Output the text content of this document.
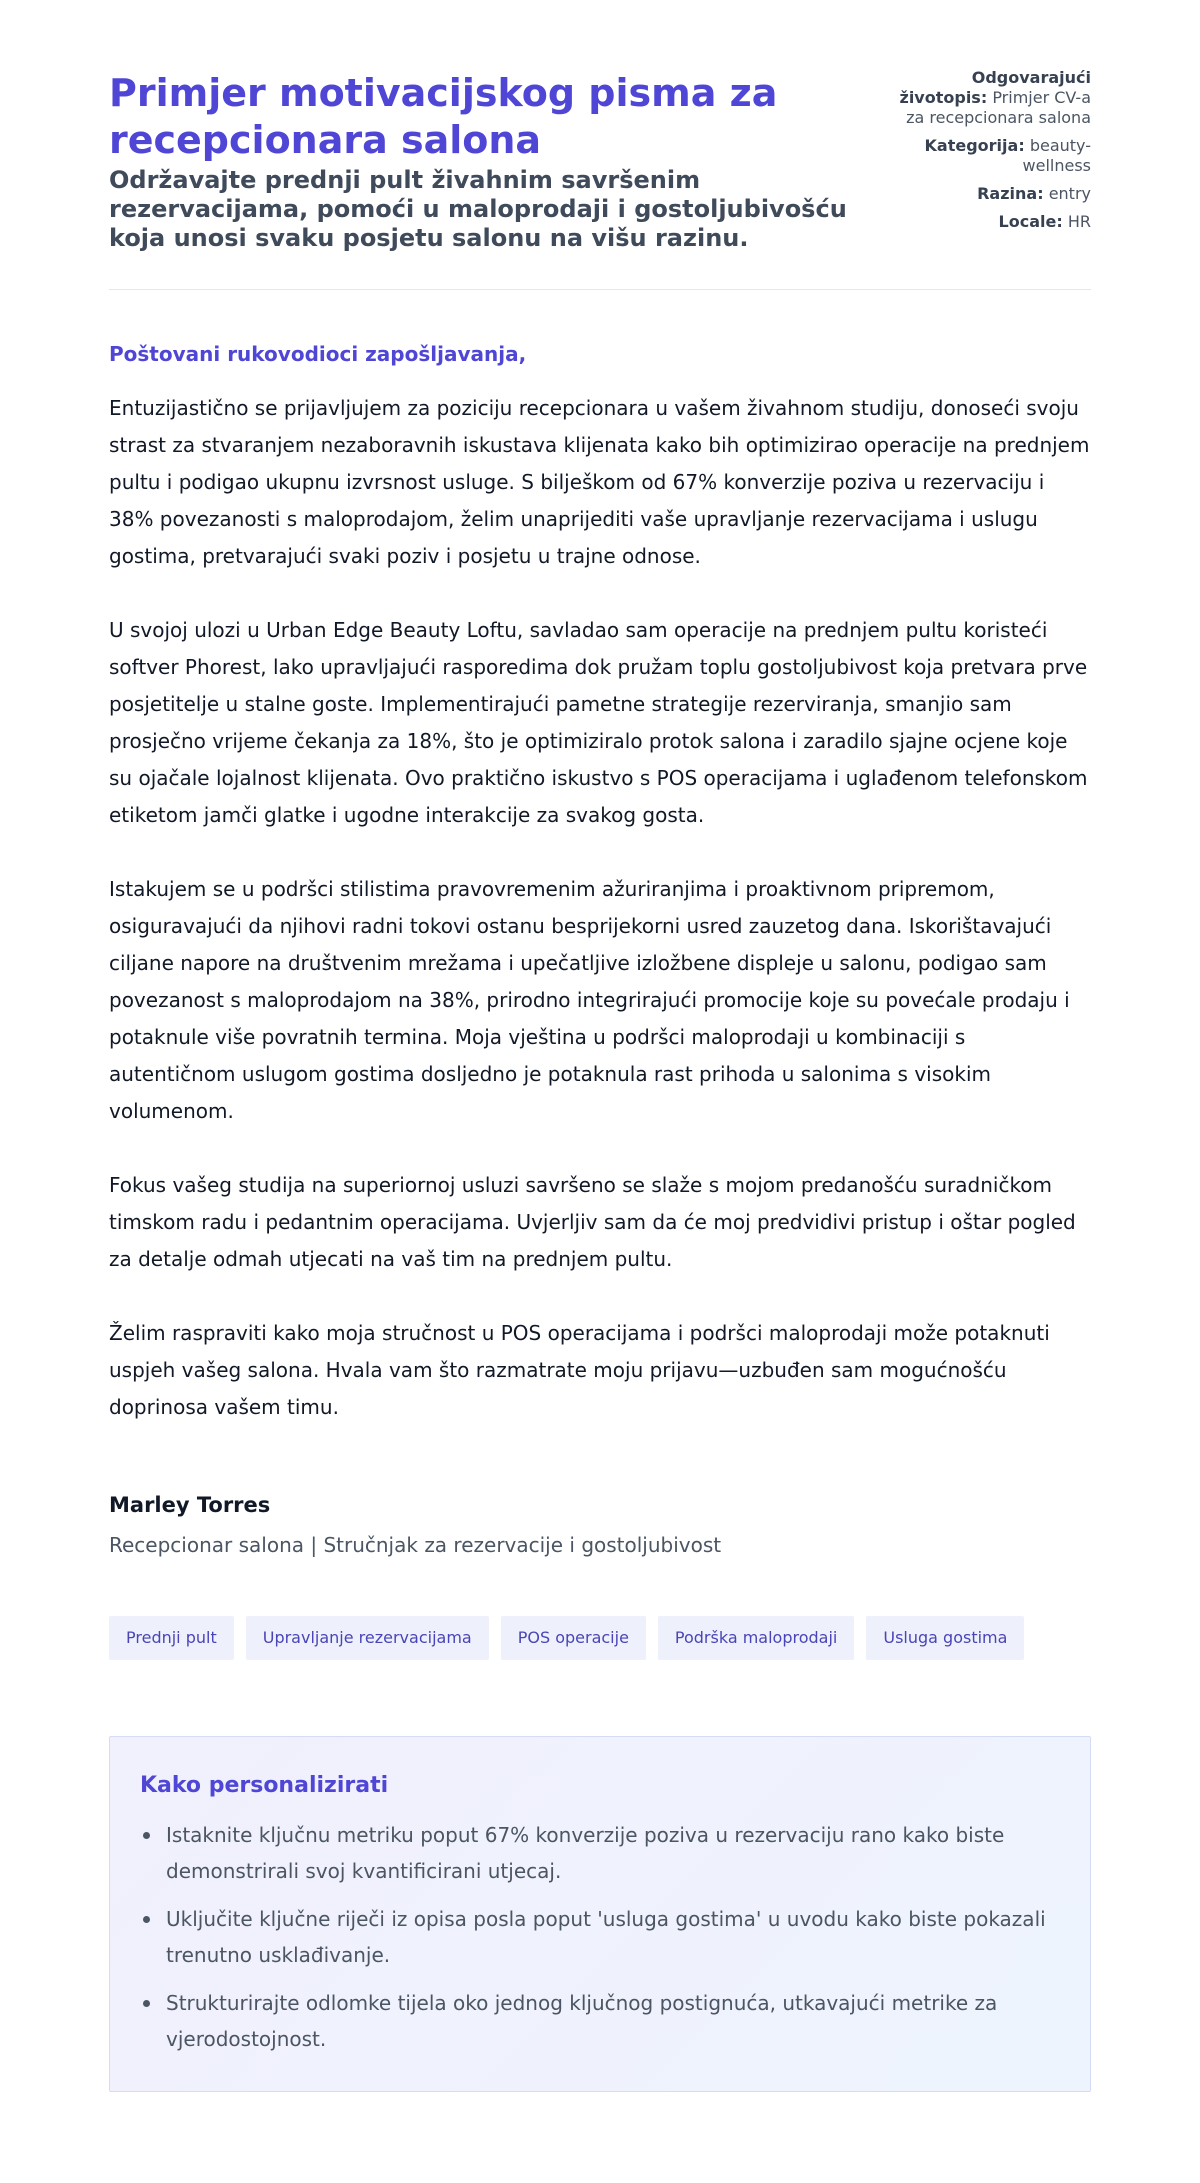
Primjer motivacijskog pisma za recepcionara salona
Održavajte prednji pult živahnim savršenim rezervacijama, pomoći u maloprodaji i gostoljubivošću koja unosi svaku posjetu salonu na višu razinu.
Odgovarajući životopis: Primjer CV-a za recepcionara salona
Kategorija: beauty-wellness
Razina: entry
Locale: HR

Poštovani rukovodioci zapošljavanja,

Entuzijastično se prijavljujem za poziciju recepcionara u vašem živahnom studiju, donoseći svoju strast za stvaranjem nezaboravnih iskustava klijenata kako bih optimizirao operacije na prednjem pultu i podigao ukupnu izvrsnost usluge. S bilješkom od 67% konverzije poziva u rezervaciju i 38% povezanosti s maloprodajom, želim unaprijediti vaše upravljanje rezervacijama i uslugu gostima, pretvarajući svaki poziv i posjetu u trajne odnose.

U svojoj ulozi u Urban Edge Beauty Loftu, savladao sam operacije na prednjem pultu koristeći softver Phorest, lako upravljajući rasporedima dok pružam toplu gostoljubivost koja pretvara prve posjetitelje u stalne goste. Implementirajući pametne strategije rezerviranja, smanjio sam prosječno vrijeme čekanja za 18%, što je optimiziralo protok salona i zaradilo sjajne ocjene koje su ojačale lojalnost klijenata. Ovo praktično iskustvo s POS operacijama i uglađenom telefonskom etiketom jamči glatke i ugodne interakcije za svakog gosta.

Istakujem se u podršci stilistima pravovremenim ažuriranjima i proaktivnom pripremom, osiguravajući da njihovi radni tokovi ostanu besprijekorni usred zauzetog dana. Iskorištavajući ciljane napore na društvenim mrežama i upečatljive izložbene displeje u salonu, podigao sam povezanost s maloprodajom na 38%, prirodno integrirajući promocije koje su povećale prodaju i potaknule više povratnih termina. Moja vještina u podršci maloprodaji u kombinaciji s autentičnom uslugom gostima dosljedno je potaknula rast prihoda u salonima s visokim volumenom.

Fokus vašeg studija na superiornoj usluzi savršeno se slaže s mojom predanošću suradničkom timskom radu i pedantnim operacijama. Uvjerljiv sam da će moj predvidivi pristup i oštar pogled za detalje odmah utjecati na vaš tim na prednjem pultu.

Želim raspraviti kako moja stručnost u POS operacijama i podršci maloprodaji može potaknuti uspjeh vašeg salona. Hvala vam što razmatrate moju prijavu—uzbuđen sam mogućnošću doprinosa vašem timu.

Marley Torres
Recepcionar salona | Stručnjak za rezervacije i gostoljubivost
Prednji pult	Upravljanje rezervacijama	POS operacije	Podrška maloprodaji	Usluga gostima
Kako personalizirati
Istaknite ključnu metriku poput 67% konverzije poziva u rezervaciju rano kako biste demonstrirali svoj kvantificirani utjecaj.
Uključite ključne riječi iz opisa posla poput 'usluga gostima' u uvodu kako biste pokazali trenutno usklađivanje.
Strukturirajte odlomke tijela oko jednog ključnog postignuća, utkavajući metrike za vjerodostojnost.
